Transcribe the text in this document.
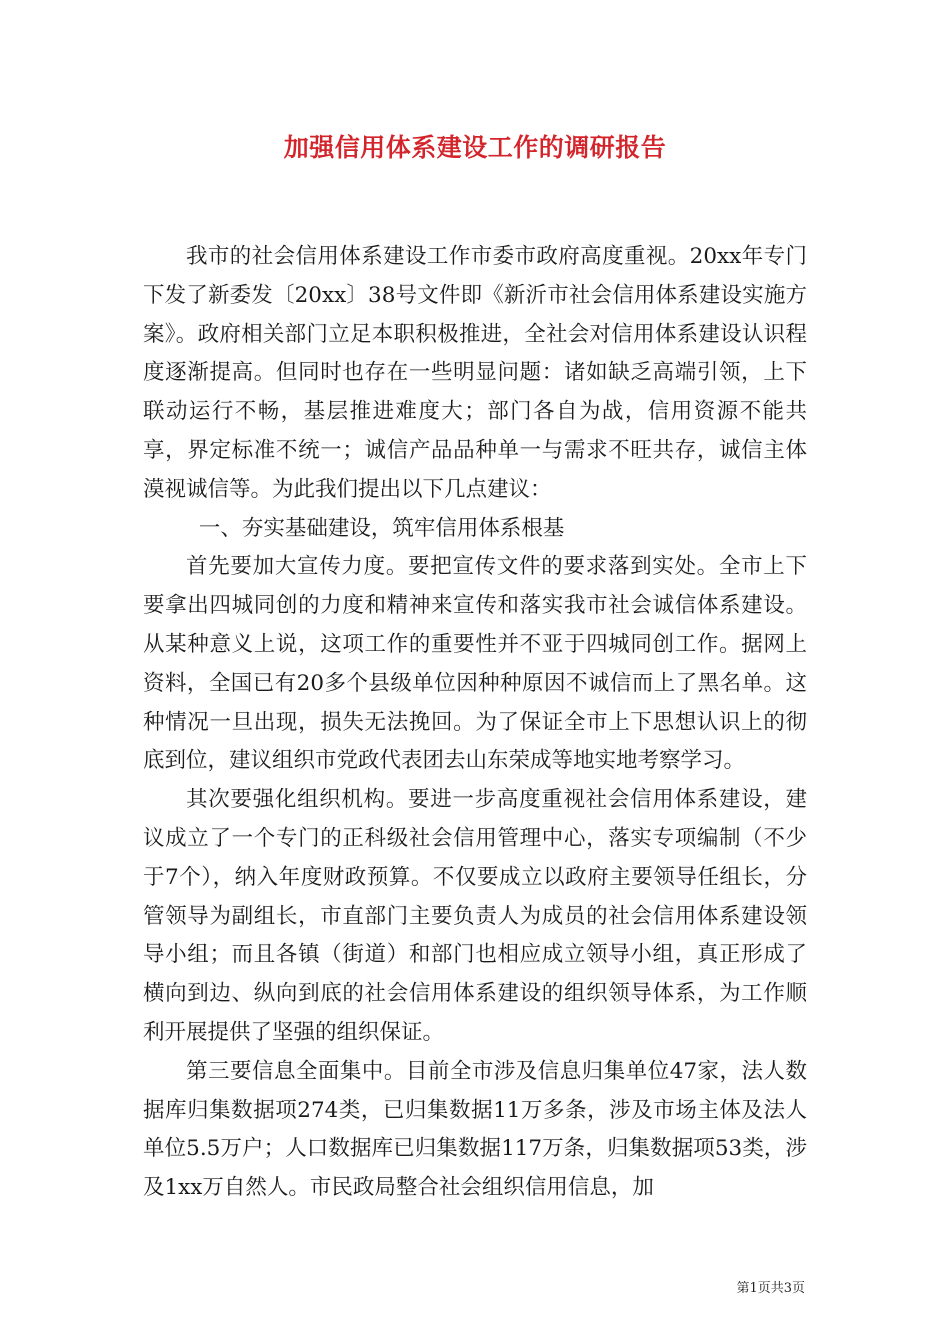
加强信用体系建设工作的调研报告

我市的社会信用体系建设工作市委市政府高度重视。20xx年专门下发了新委发〔20xx〕38号文件即《新沂市社会信用体系建设实施方案》。政府相关部门立足本职积极推进，全社会对信用体系建设认识程度逐渐提高。但同时也存在一些明显问题：诸如缺乏高端引领，上下联动运行不畅，基层推进难度大；部门各自为战，信用资源不能共享，界定标准不统一；诚信产品品种单一与需求不旺共存，诚信主体漠视诚信等。为此我们提出以下几点建议：

一、夯实基础建设，筑牢信用体系根基

首先要加大宣传力度。要把宣传文件的要求落到实处。全市上下要拿出四城同创的力度和精神来宣传和落实我市社会诚信体系建设。从某种意义上说，这项工作的重要性并不亚于四城同创工作。据网上资料，全国已有20多个县级单位因种种原因不诚信而上了黑名单。这种情况一旦出现，损失无法挽回。为了保证全市上下思想认识上的彻底到位，建议组织市党政代表团去山东荣成等地实地考察学习。

其次要强化组织机构。要进一步高度重视社会信用体系建设，建议成立了一个专门的正科级社会信用管理中心，落实专项编制（不少于7个），纳入年度财政预算。不仅要成立以政府主要领导任组长，分管领导为副组长，市直部门主要负责人为成员的社会信用体系建设领导小组；而且各镇（街道）和部门也相应成立领导小组，真正形成了横向到边、纵向到底的社会信用体系建设的组织领导体系，为工作顺利开展提供了坚强的组织保证。

第三要信息全面集中。目前全市涉及信息归集单位47家，法人数据库归集数据项274类，已归集数据11万多条，涉及市场主体及法人单位5.5万户；人口数据库已归集数据117万条，归集数据项53类，涉及1xx万自然人。市民政局整合社会组织信用信息，加

第1页共3页
